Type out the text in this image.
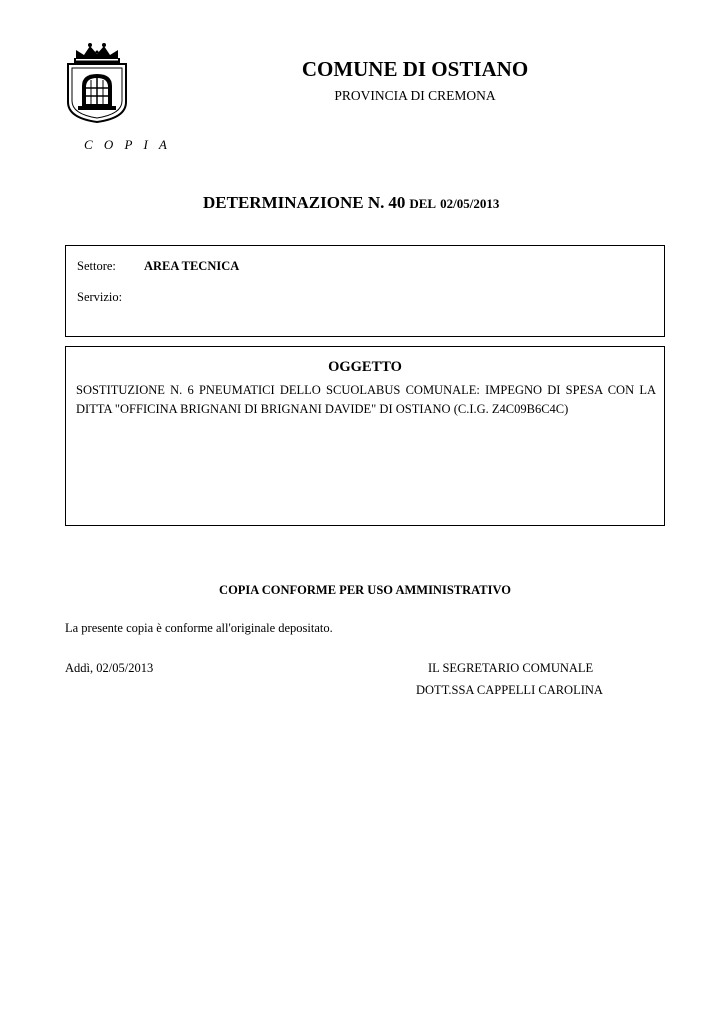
C O P I A
COMUNE DI OSTIANO
PROVINCIA DI CREMONA
DETERMINAZIONE N. 40 DEL 02/05/2013
Settore: AREA TECNICA
Servizio:
OGGETTO
SOSTITUZIONE N. 6 PNEUMATICI DELLO SCUOLABUS COMUNALE: IMPEGNO DI SPESA CON LA DITTA "OFFICINA BRIGNANI DI BRIGNANI DAVIDE" DI OSTIANO (C.I.G. Z4C09B6C4C)
COPIA CONFORME PER USO AMMINISTRATIVO
La presente copia è conforme all'originale depositato.
Addì, 02/05/2013	IL SEGRETARIO COMUNALE
DOTT.SSA CAPPELLI CAROLINA
